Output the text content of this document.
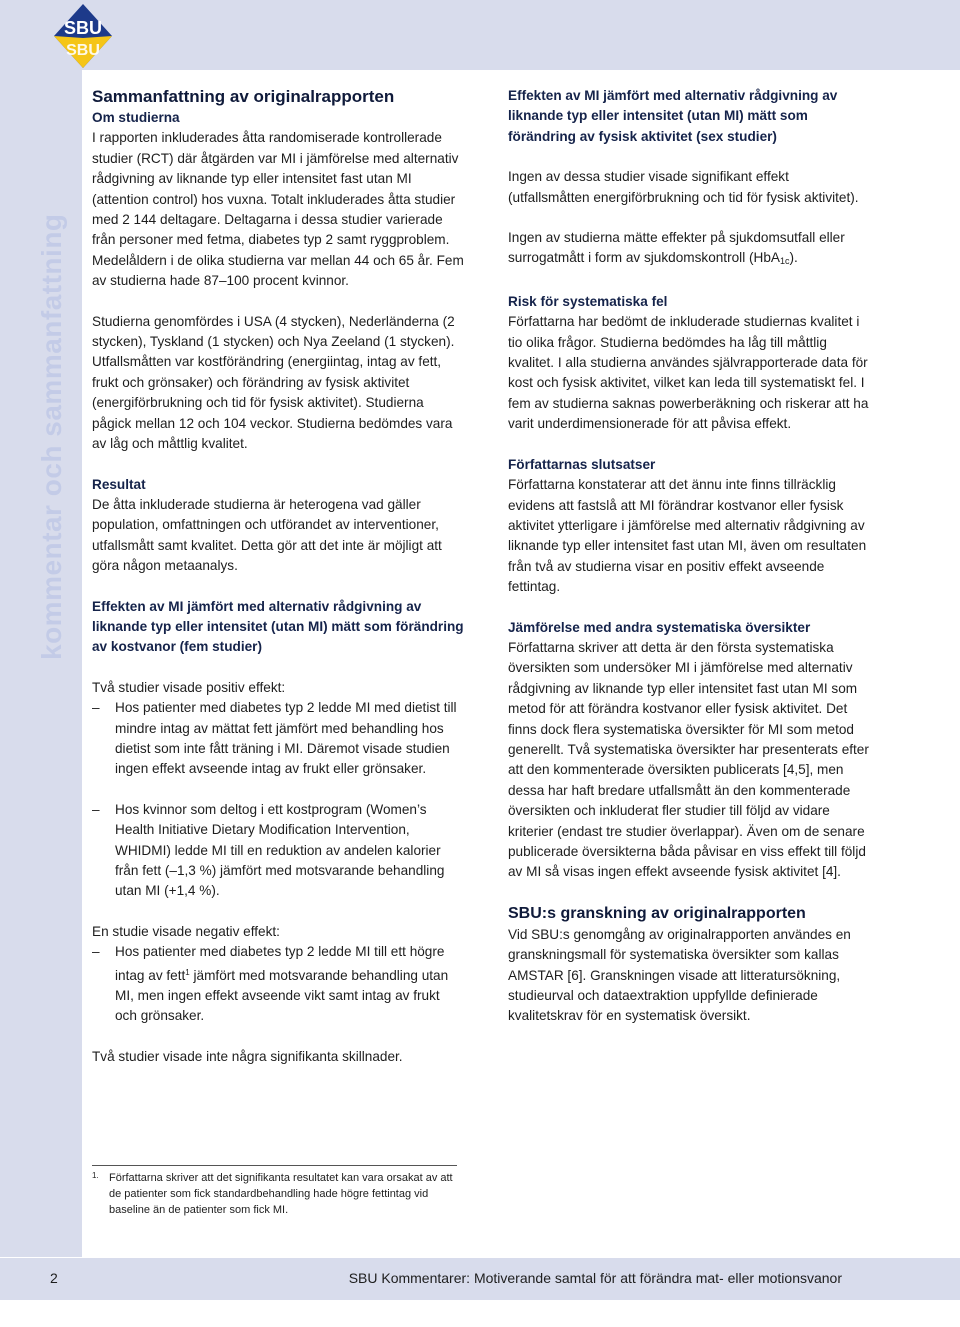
SBU
SBU
kommentar och sammanfattning

Sammanfattning av originalrapporten

Om studierna

I rapporten inkluderades åtta randomiserade kontrollerade studier (RCT) där åtgärden var MI i jämförelse med alternativ rådgivning av liknande typ eller intensitet fast utan MI (attention control) hos vuxna. Totalt inkluderades åtta studier med 2 144 deltagare. Deltagarna i dessa studier varierade från personer med fetma, diabetes typ 2 samt ryggproblem. Medelåldern i de olika studierna var mellan 44 och 65 år. Fem av studierna hade 87–100 procent kvinnor.

Studierna genomfördes i USA (4 stycken), Nederländerna (2 stycken), Tyskland (1 stycken) och Nya Zeeland (1 stycken). Utfallsmåtten var kostförändring (energiintag, intag av fett, frukt och grönsaker) och förändring av fysisk aktivitet (energiförbrukning och tid för fysisk aktivitet). Studierna pågick mellan 12 och 104 veckor. Studierna bedömdes vara av låg och måttlig kvalitet.

Resultat

De åtta inkluderade studierna är heterogena vad gäller population, omfattningen och utförandet av interventioner, utfallsmått samt kvalitet. Detta gör att det inte är möjligt att göra någon metaanalys.

Effekten av MI jämfört med alternativ rådgivning av liknande typ eller intensitet (utan MI) mätt som förändring av kostvanor (fem studier)

Två studier visade positiv effekt:

–	Hos patienter med diabetes typ 2 ledde MI med dietist till mindre intag av mättat fett jämfört med behandling hos dietist som inte fått träning i MI. Däremot visade studien ingen effekt avseende intag av frukt eller grönsaker.
–	Hos kvinnor som deltog i ett kostprogram (Women’s Health Initiative Dietary Modification Intervention, WHIDMI) ledde MI till en reduktion av andelen kalorier från fett (–1,3 %) jämfört med motsvarande behandling utan MI (+1,4 %).

En studie visade negativ effekt:

–	Hos patienter med diabetes typ 2 ledde MI till ett högre intag av fett$^1$ jämfört med motsvarande behandling utan MI, men ingen effekt avseende vikt samt intag av frukt och grönsaker.

Två studier visade inte några signifikanta skillnader.

1. Författarna skriver att det signifikanta resultatet kan vara orsakat av att de patienter som fick standardbehandling hade högre fettintag vid baseline än de patienter som fick MI.

Effekten av MI jämfört med alternativ rådgivning av liknande typ eller intensitet (utan MI) mätt som förändring av fysisk aktivitet (sex studier)

Ingen av dessa studier visade signifikant effekt (utfallsmåtten energiförbrukning och tid för fysisk aktivitet).

Ingen av studierna mätte effekter på sjukdomsutfall eller surrogatmått i form av sjukdomskontroll (HbA$_{1c}$).

Risk för systematiska fel

Författarna har bedömt de inkluderade studiernas kvalitet i tio olika frågor. Studierna bedömdes ha låg till måttlig kvalitet. I alla studierna användes självrapporterade data för kost och fysisk aktivitet, vilket kan leda till systematiskt fel. I fem av studierna saknas powerberäkning och riskerar att ha varit underdimensionerade för att påvisa effekt.

Författarnas slutsatser

Författarna konstaterar att det ännu inte finns tillräcklig evidens att fastslå att MI förändrar kostvanor eller fysisk aktivitet ytterligare i jämförelse med alternativ rådgivning av liknande typ eller intensitet fast utan MI, även om resultaten från två av studierna visar en positiv effekt avseende fettintag.

Jämförelse med andra systematiska översikter

Författarna skriver att detta är den första systematiska översikten som undersöker MI i jämförelse med alternativ rådgivning av liknande typ eller intensitet fast utan MI som metod för att förändra kostvanor eller fysisk aktivitet. Det finns dock flera systematiska översikter för MI som metod generellt. Två systematiska översikter har presenterats efter att den kommenterade översikten publicerats [4,5], men dessa har haft bredare utfallsmått än den kommenterade översikten och inkluderat fler studier till följd av vidare kriterier (endast tre studier överlappar). Även om de senare publicerade översikterna båda påvisar en viss effekt till följd av MI så visas ingen effekt avseende fysisk aktivitet [4].

SBU:s granskning av originalrapporten

Vid SBU:s genomgång av originalrapporten användes en granskningsmall för systematiska översikter som kallas AMSTAR [6]. Granskningen visade att litteratursökning, studieurval och dataextraktion uppfyllde definierade kvalitetskrav för en systematisk översikt.

2	SBU Kommentarer: Motiverande samtal för att förändra mat- eller motionsvanor
